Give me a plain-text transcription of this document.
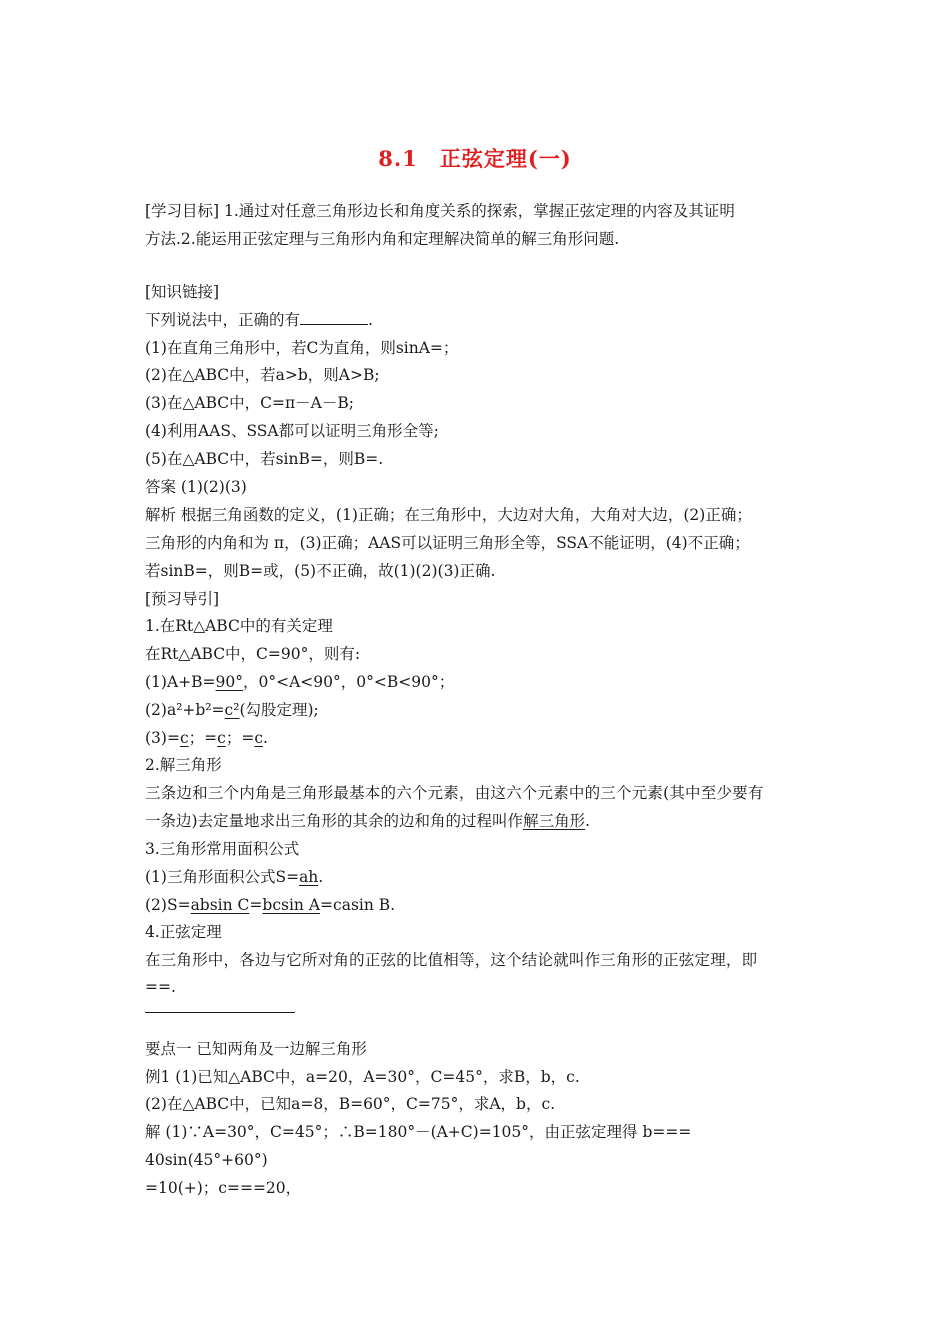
8.1 正弦定理(一)
[学习目标] 1.通过对任意三角形边长和角度关系的探索，掌握正弦定理的内容及其证明
方法.2.能运用正弦定理与三角形内角和定理解决简单的解三角形问题.
[知识链接]
下列说法中，正确的有	.
(1)在直角三角形中，若C为直角，则sinA=；
(2)在△ABC中，若a>b，则A>B;
(3)在△ABC中，C=π－A－B;
(4)利用AAS、SSA都可以证明三角形全等;
(5)在△ABC中，若sinB=，则B=.
答案 (1)(2)(3)
解析 根据三角函数的定义，(1)正确；在三角形中，大边对大角，大角对大边，(2)正确；
三角形的内角和为 π，(3)正确；AAS可以证明三角形全等，SSA不能证明，(4)不正确；
若sinB=，则B=或，(5)不正确，故(1)(2)(3)正确.
[预习导引]
1.在Rt△ABC中的有关定理
在Rt△ABC中，C=90°，则有:
(1)A+B=90°，0°<A<90°，0°<B<90°；
(2)a²+b²=c²(勾股定理);
(3)=c；=c；=c.
2.解三角形
三条边和三个内角是三角形最基本的六个元素，由这六个元素中的三个元素(其中至少要有
一条边)去定量地求出三角形的其余的边和角的过程叫作解三角形.
3.三角形常用面积公式
(1)三角形面积公式S=ah.
(2)S=absin C=bcsin A=casin B.
4.正弦定理
在三角形中，各边与它所对角的正弦的比值相等，这个结论就叫作三角形的正弦定理，即
==.
要点一 已知两角及一边解三角形
例1 (1)已知△ABC中，a=20，A=30°，C=45°，求B，b，c.
(2)在△ABC中，已知a=8，B=60°，C=75°，求A，b，c.
解 (1)∵A=30°，C=45°；∴B=180°－(A+C)=105°，由正弦定理得 b===
40sin(45°+60°)
=10(+)；c===20，
